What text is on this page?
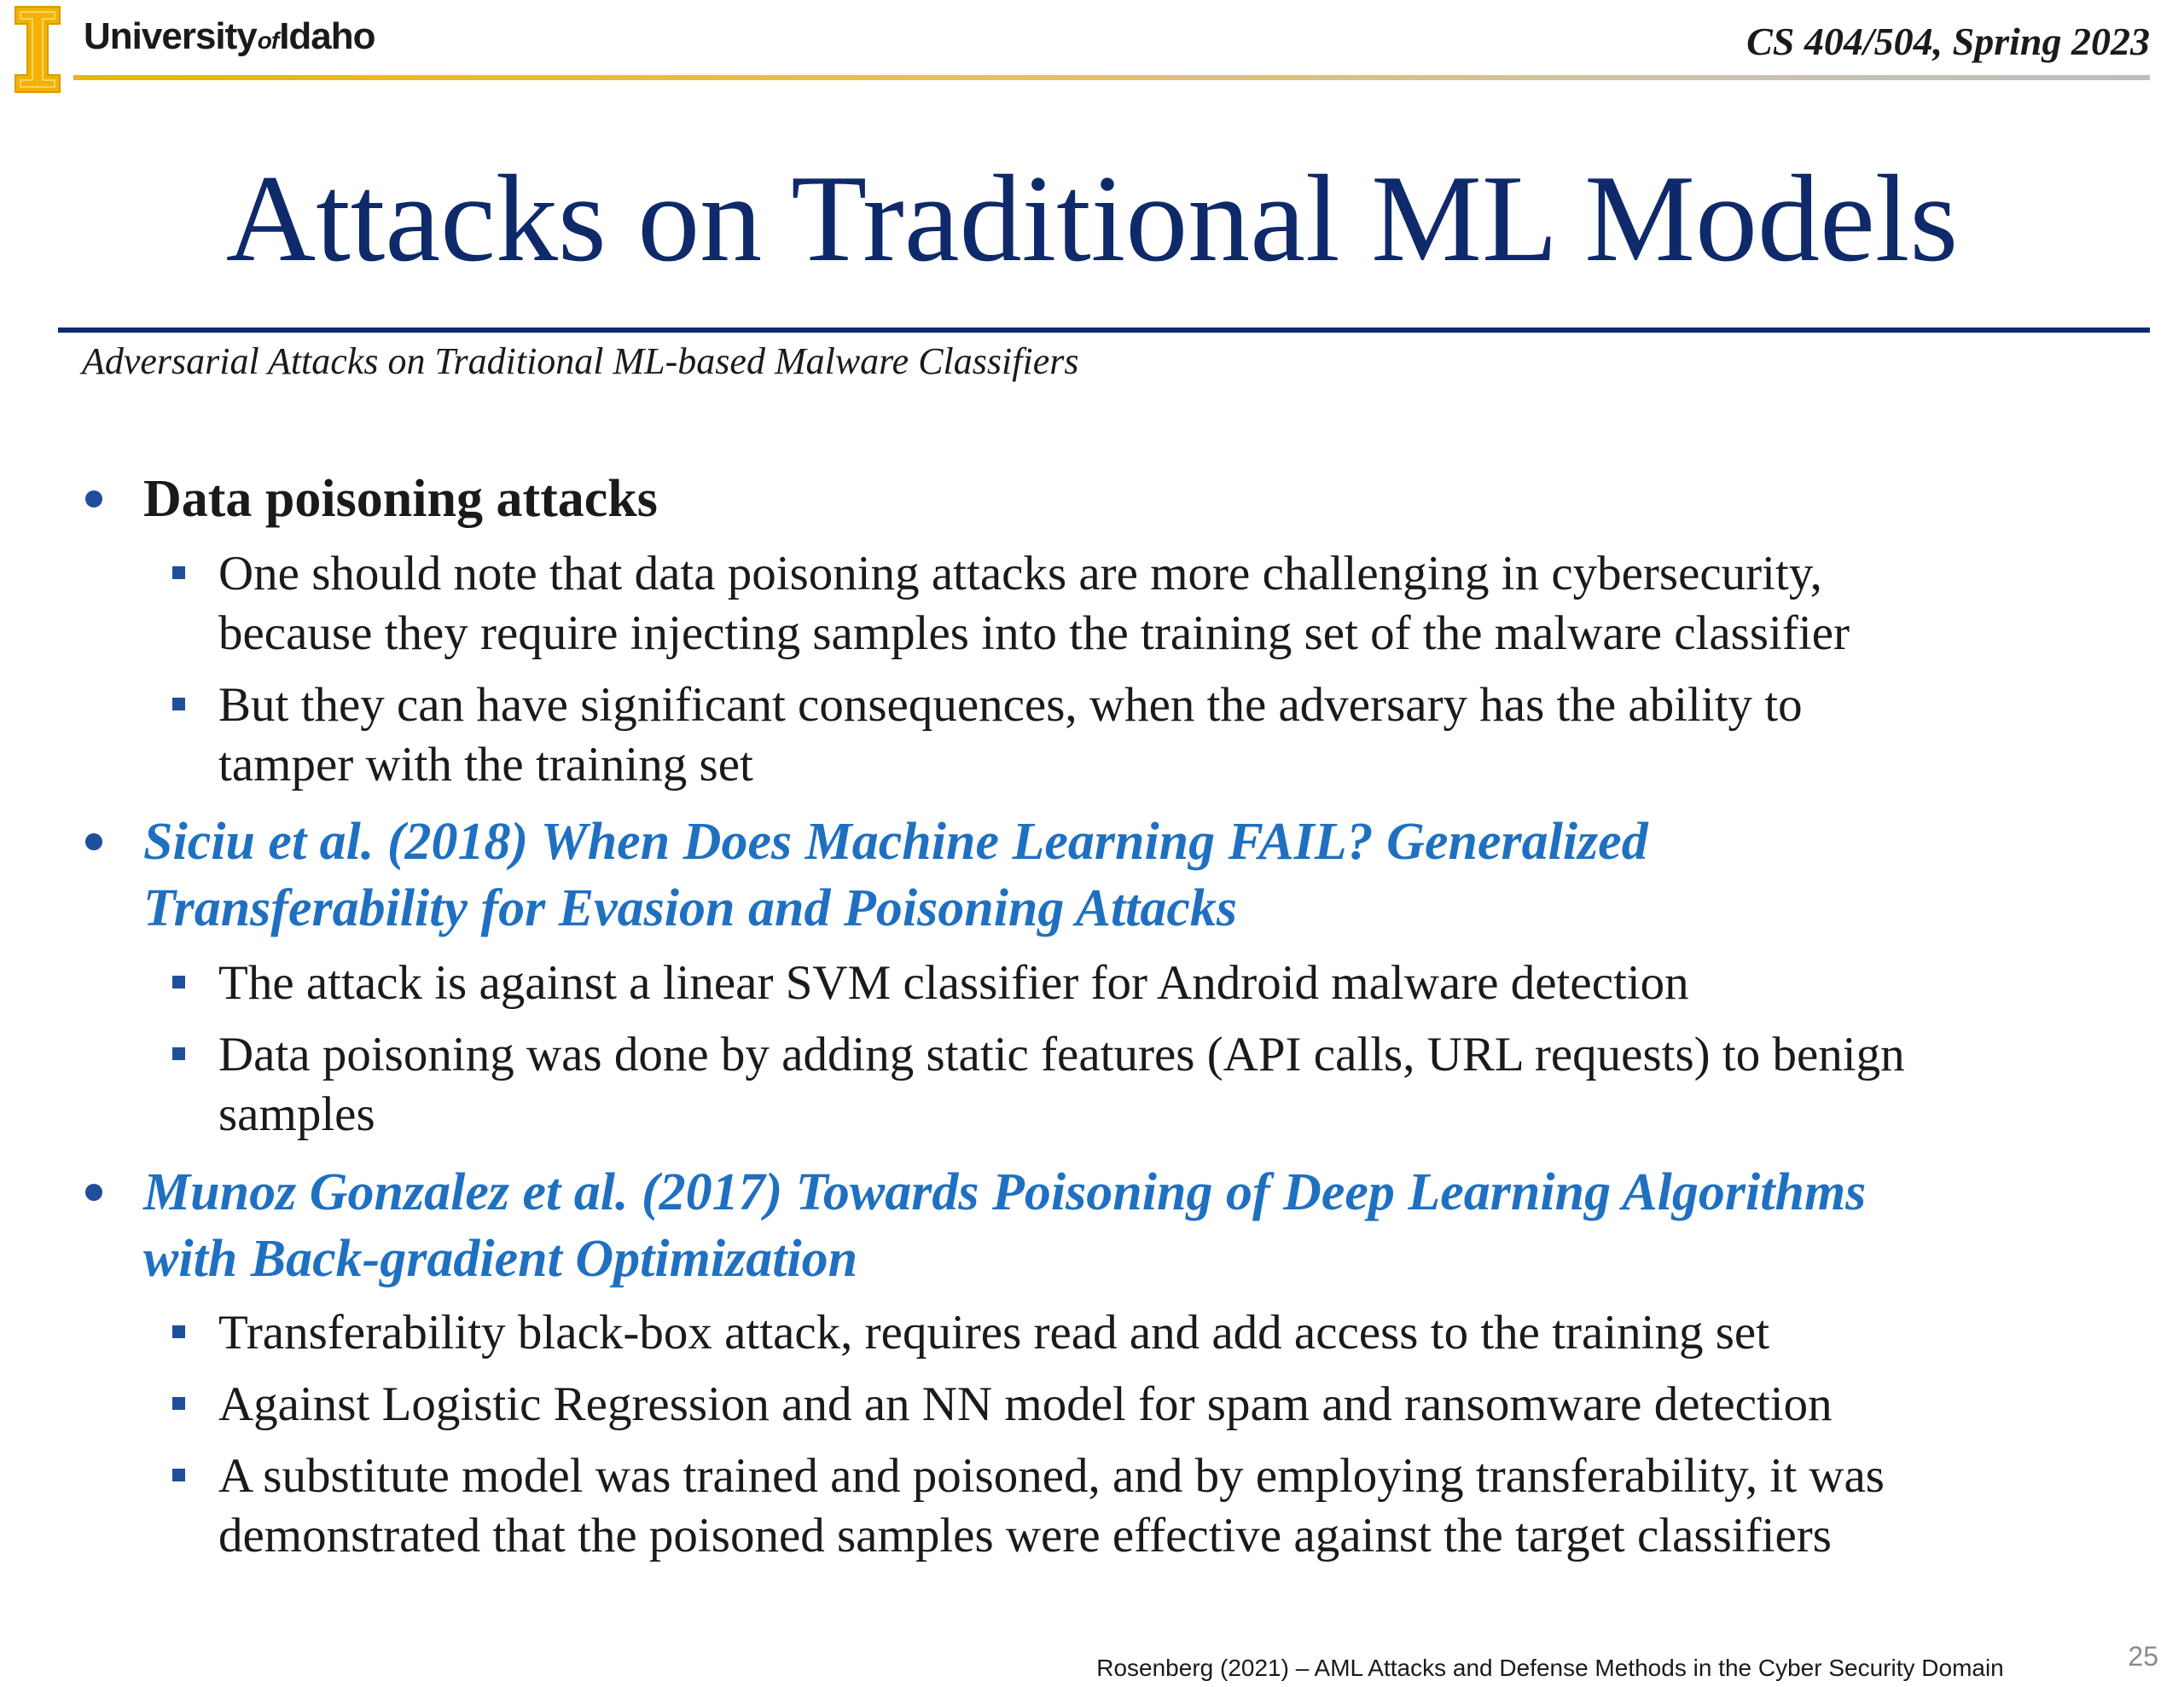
UniversityofIdaho	CS 404/504, Spring 2023
Attacks on Traditional ML Models
Adversarial Attacks on Traditional ML-based Malware Classifiers
Data poisoning attacks
One should note that data poisoning attacks are more challenging in cybersecurity,
because they require injecting samples into the training set of the malware classifier
But they can have significant consequences, when the adversary has the ability to
tamper with the training set
Siciu et al. (2018) When Does Machine Learning FAIL? Generalized
Transferability for Evasion and Poisoning Attacks
The attack is against a linear SVM classifier for Android malware detection
Data poisoning was done by adding static features (API calls, URL requests) to benign
samples
Munoz Gonzalez et al. (2017) Towards Poisoning of Deep Learning Algorithms
with Back-gradient Optimization
Transferability black-box attack, requires read and add access to the training set
Against Logistic Regression and an NN model for spam and ransomware detection
A substitute model was trained and poisoned, and by employing transferability, it was
demonstrated that the poisoned samples were effective against the target classifiers
Rosenberg (2021) – AML Attacks and Defense Methods in the Cyber Security Domain	25
